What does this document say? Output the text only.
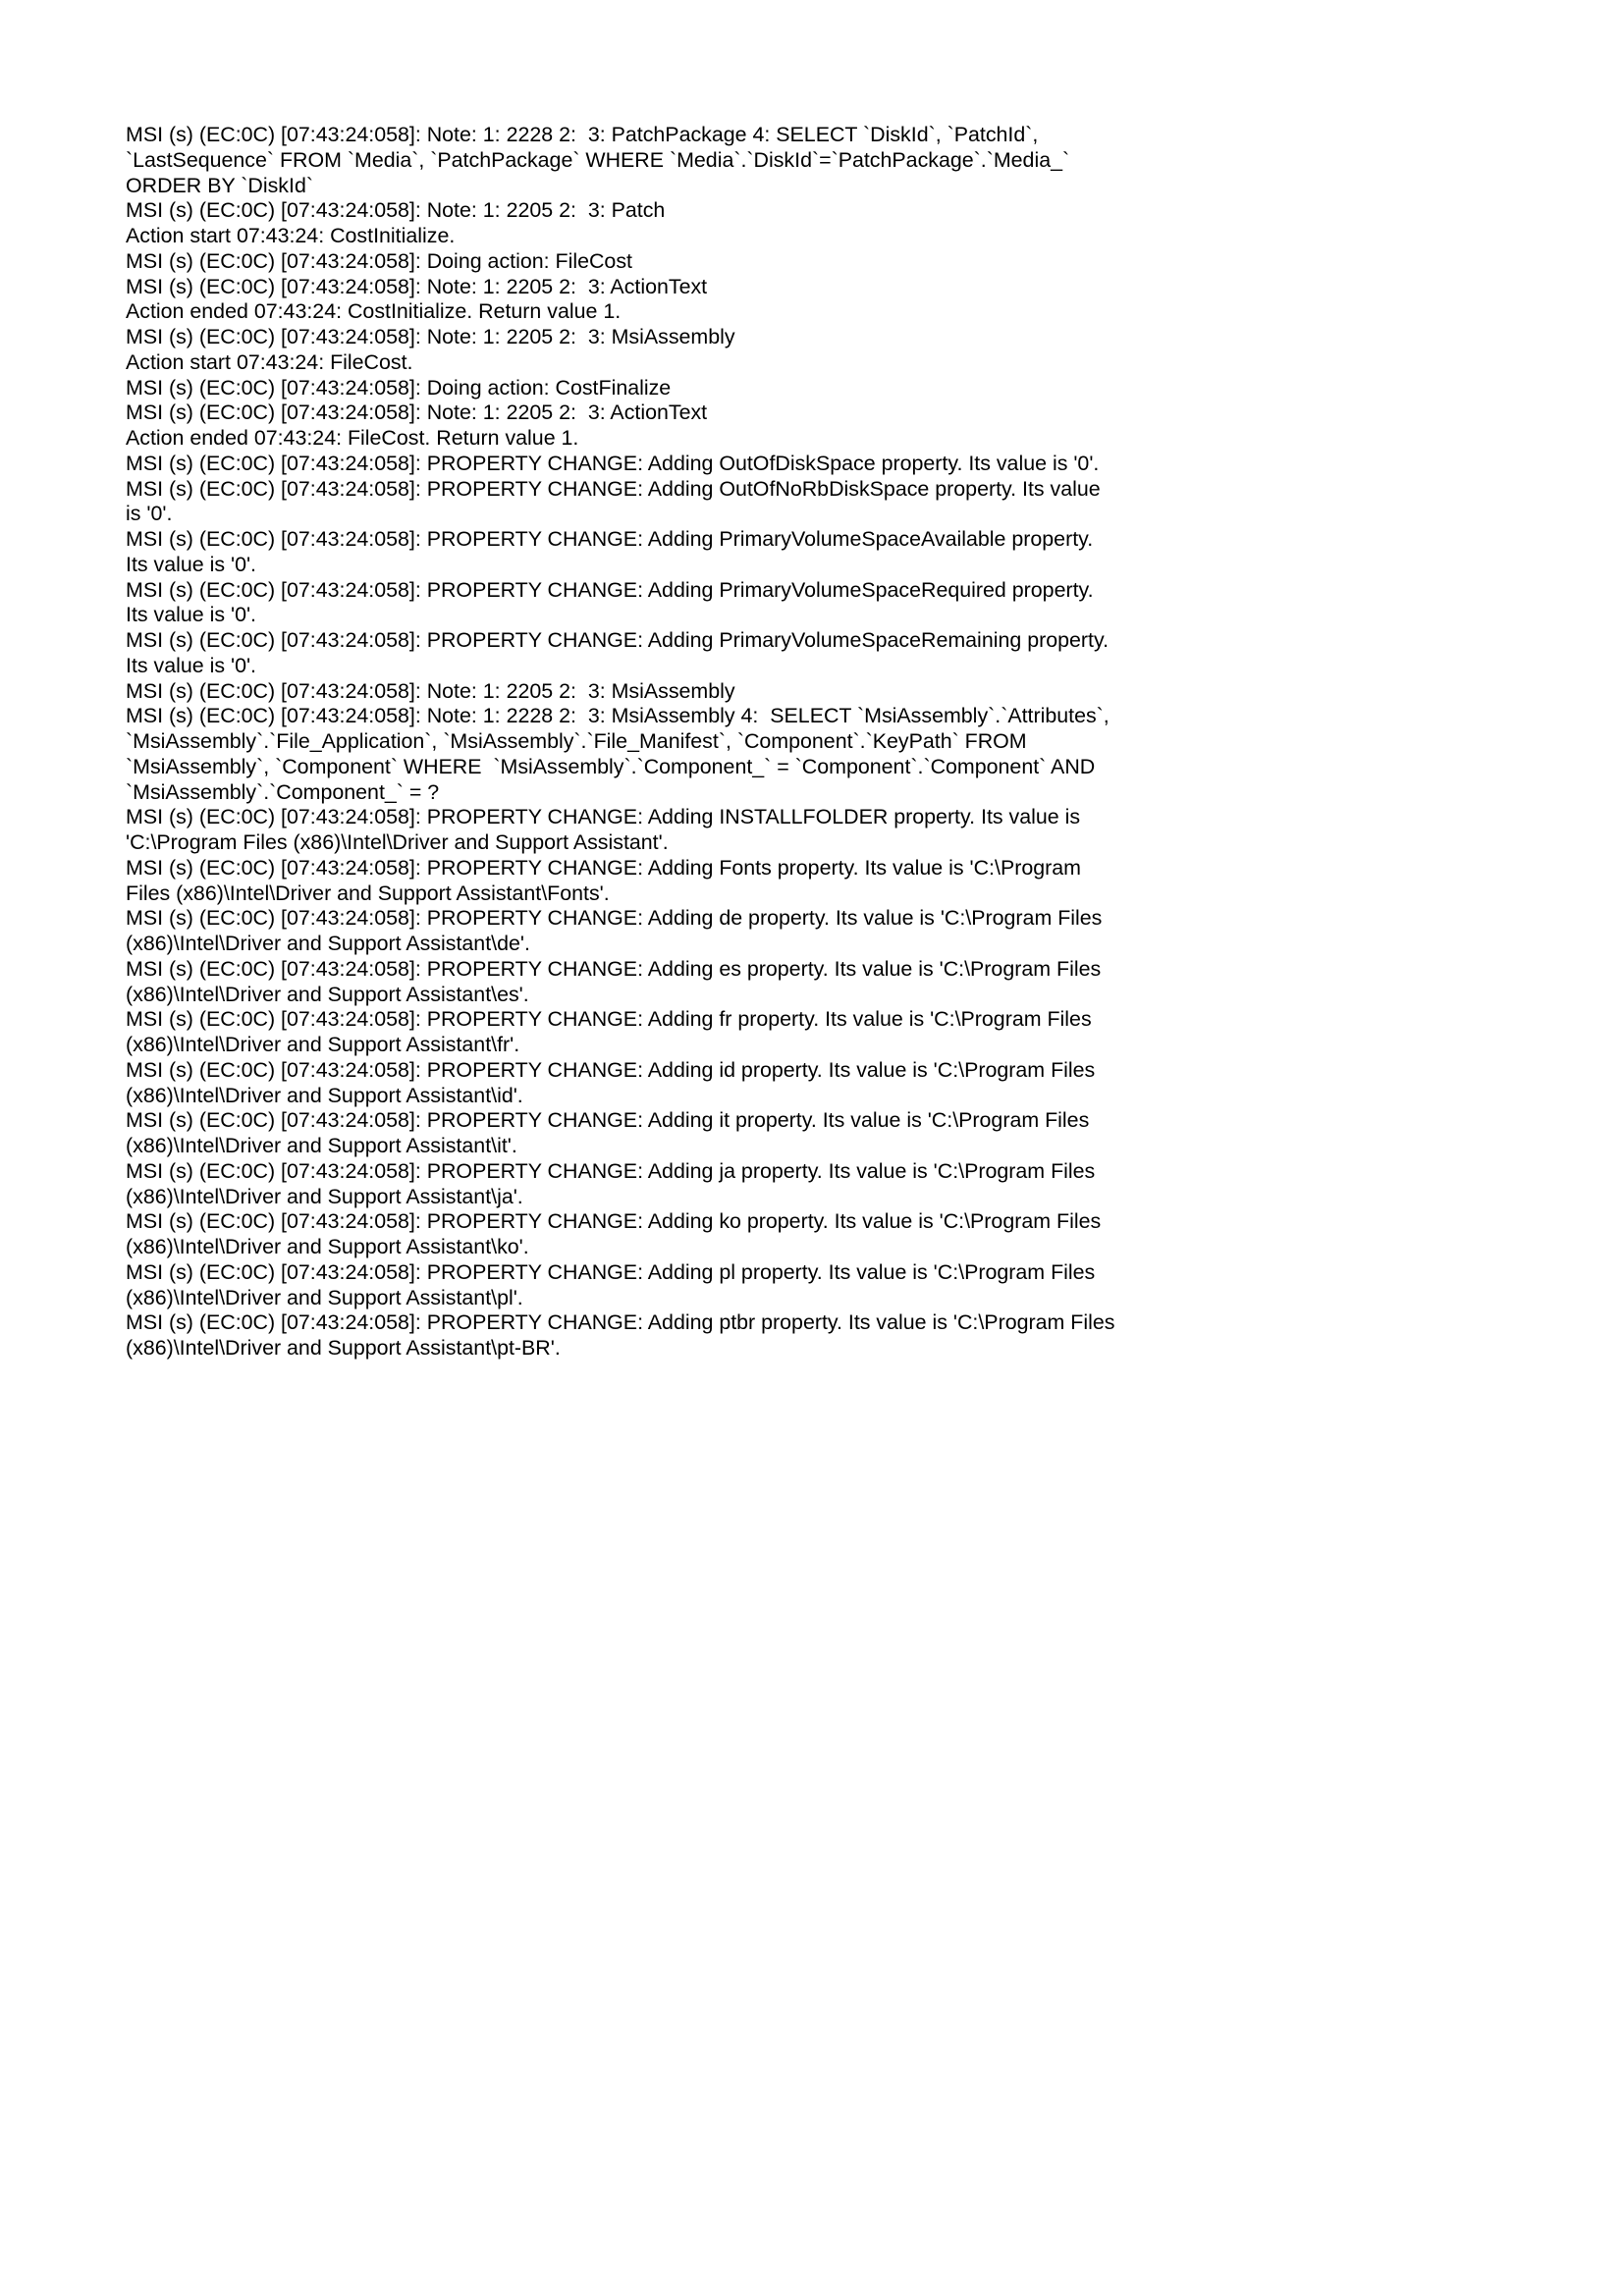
MSI (s) (EC:0C) [07:43:24:058]: Note: 1: 2228 2:  3: PatchPackage 4: SELECT `DiskId`, `PatchId`, `LastSequence` FROM `Media`, `PatchPackage` WHERE `Media`.`DiskId`=`PatchPackage`.`Media_` ORDER BY `DiskId`
MSI (s) (EC:0C) [07:43:24:058]: Note: 1: 2205 2:  3: Patch
Action start 07:43:24: CostInitialize.
MSI (s) (EC:0C) [07:43:24:058]: Doing action: FileCost
MSI (s) (EC:0C) [07:43:24:058]: Note: 1: 2205 2:  3: ActionText
Action ended 07:43:24: CostInitialize. Return value 1.
MSI (s) (EC:0C) [07:43:24:058]: Note: 1: 2205 2:  3: MsiAssembly
Action start 07:43:24: FileCost.
MSI (s) (EC:0C) [07:43:24:058]: Doing action: CostFinalize
MSI (s) (EC:0C) [07:43:24:058]: Note: 1: 2205 2:  3: ActionText
Action ended 07:43:24: FileCost. Return value 1.
MSI (s) (EC:0C) [07:43:24:058]: PROPERTY CHANGE: Adding OutOfDiskSpace property. Its value is '0'.
MSI (s) (EC:0C) [07:43:24:058]: PROPERTY CHANGE: Adding OutOfNoRbDiskSpace property. Its value is '0'.
MSI (s) (EC:0C) [07:43:24:058]: PROPERTY CHANGE: Adding PrimaryVolumeSpaceAvailable property. Its value is '0'.
MSI (s) (EC:0C) [07:43:24:058]: PROPERTY CHANGE: Adding PrimaryVolumeSpaceRequired property. Its value is '0'.
MSI (s) (EC:0C) [07:43:24:058]: PROPERTY CHANGE: Adding PrimaryVolumeSpaceRemaining property. Its value is '0'.
MSI (s) (EC:0C) [07:43:24:058]: Note: 1: 2205 2:  3: MsiAssembly
MSI (s) (EC:0C) [07:43:24:058]: Note: 1: 2228 2:  3: MsiAssembly 4:  SELECT `MsiAssembly`.`Attributes`, `MsiAssembly`.`File_Application`, `MsiAssembly`.`File_Manifest`, `Component`.`KeyPath` FROM `MsiAssembly`, `Component` WHERE  `MsiAssembly`.`Component_` = `Component`.`Component` AND `MsiAssembly`.`Component_` = ?
MSI (s) (EC:0C) [07:43:24:058]: PROPERTY CHANGE: Adding INSTALLFOLDER property. Its value is 'C:\Program Files (x86)\Intel\Driver and Support Assistant'.
MSI (s) (EC:0C) [07:43:24:058]: PROPERTY CHANGE: Adding Fonts property. Its value is 'C:\Program Files (x86)\Intel\Driver and Support Assistant\Fonts'.
MSI (s) (EC:0C) [07:43:24:058]: PROPERTY CHANGE: Adding de property. Its value is 'C:\Program Files (x86)\Intel\Driver and Support Assistant\de'.
MSI (s) (EC:0C) [07:43:24:058]: PROPERTY CHANGE: Adding es property. Its value is 'C:\Program Files (x86)\Intel\Driver and Support Assistant\es'.
MSI (s) (EC:0C) [07:43:24:058]: PROPERTY CHANGE: Adding fr property. Its value is 'C:\Program Files (x86)\Intel\Driver and Support Assistant\fr'.
MSI (s) (EC:0C) [07:43:24:058]: PROPERTY CHANGE: Adding id property. Its value is 'C:\Program Files (x86)\Intel\Driver and Support Assistant\id'.
MSI (s) (EC:0C) [07:43:24:058]: PROPERTY CHANGE: Adding it property. Its value is 'C:\Program Files (x86)\Intel\Driver and Support Assistant\it'.
MSI (s) (EC:0C) [07:43:24:058]: PROPERTY CHANGE: Adding ja property. Its value is 'C:\Program Files (x86)\Intel\Driver and Support Assistant\ja'.
MSI (s) (EC:0C) [07:43:24:058]: PROPERTY CHANGE: Adding ko property. Its value is 'C:\Program Files (x86)\Intel\Driver and Support Assistant\ko'.
MSI (s) (EC:0C) [07:43:24:058]: PROPERTY CHANGE: Adding pl property. Its value is 'C:\Program Files (x86)\Intel\Driver and Support Assistant\pl'.
MSI (s) (EC:0C) [07:43:24:058]: PROPERTY CHANGE: Adding ptbr property. Its value is 'C:\Program Files (x86)\Intel\Driver and Support Assistant\pt-BR'.
